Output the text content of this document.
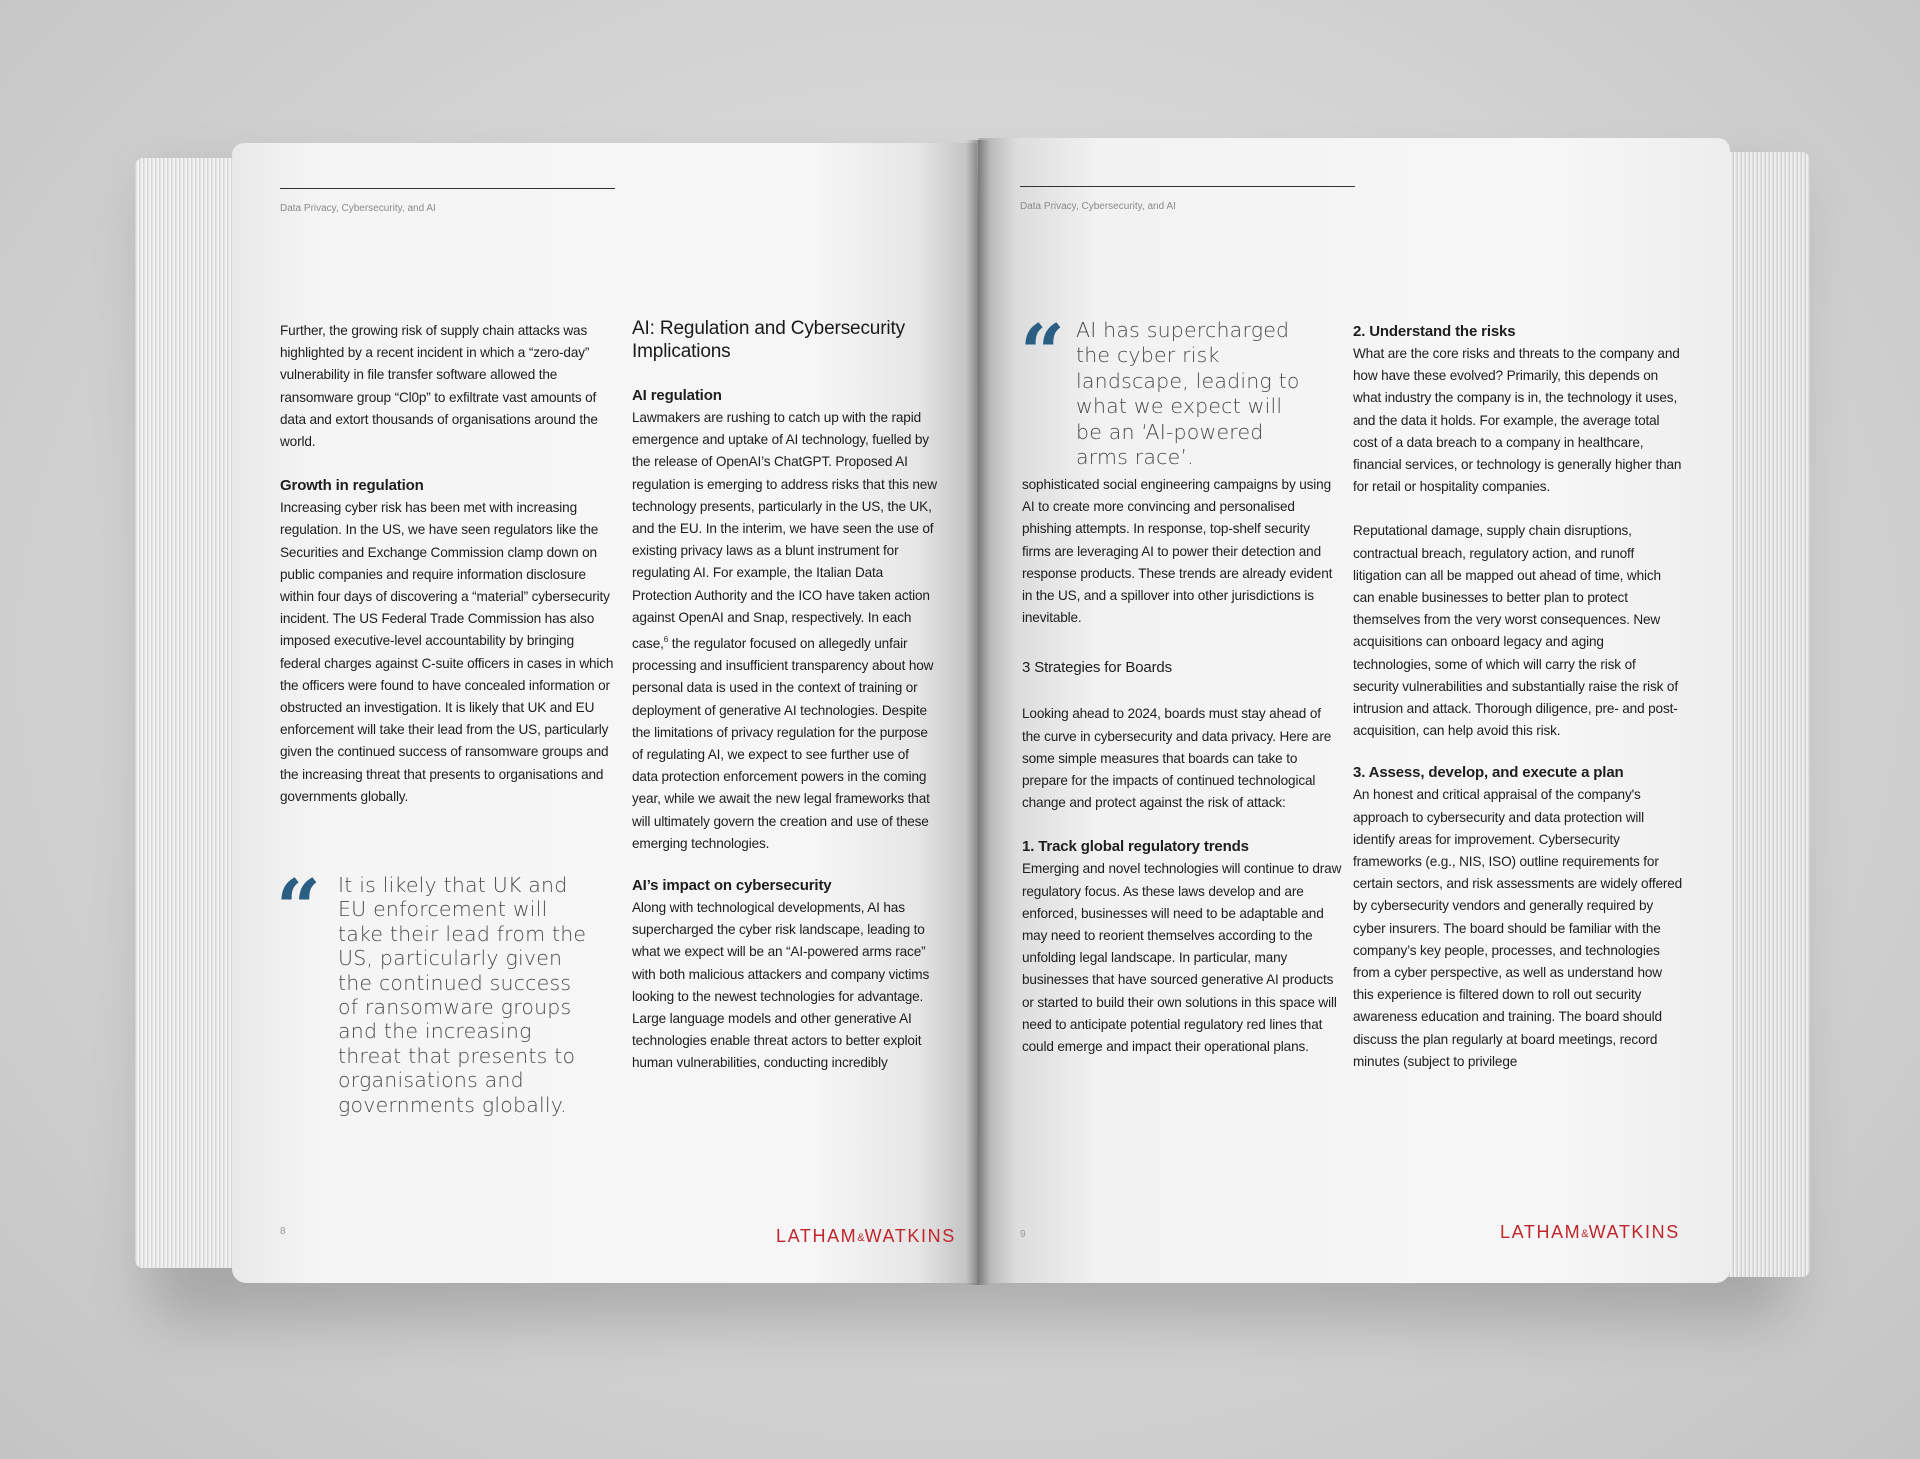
Data Privacy, Cybersecurity, and AI

Further, the growing risk of supply chain attacks was highlighted by a recent incident in which a “zero-day” vulnerability in file transfer software allowed the ransomware group “Cl0p” to exfiltrate vast amounts of data and extort thousands of organisations around the world.

Growth in regulation

Increasing cyber risk has been met with increasing regulation. In the US, we have seen regulators like the Securities and Exchange Commission clamp down on public companies and require information disclosure within four days of discovering a “material” cybersecurity incident. The US Federal Trade Commission has also imposed executive-level accountability by bringing federal charges against C-suite officers in cases in which the officers were found to have concealed information or obstructed an investigation. It is likely that UK and EU enforcement will take their lead from the US, particularly given the continued success of ransomware groups and the increasing threat that presents to organisations and governments globally.

“ It is likely that UK and EU enforcement will take their lead from the US, particularly given the continued success of ransomware groups and the increasing threat that presents to organisations and governments globally.
AI: Regulation and Cybersecurity Implications
AI regulation

Lawmakers are rushing to catch up with the rapid emergence and uptake of AI technology, fuelled by the release of OpenAI’s ChatGPT. Proposed AI regulation is emerging to address risks that this new technology presents, particularly in the US, the UK, and the EU. In the interim, we have seen the use of existing privacy laws as a blunt instrument for regulating AI. For example, the Italian Data Protection Authority and the ICO have taken action against OpenAI and Snap, respectively. In each case,$^6$ the regulator focused on allegedly unfair processing and insufficient transparency about how personal data is used in the context of training or deployment of generative AI technologies. Despite the limitations of privacy regulation for the purpose of regulating AI, we expect to see further use of data protection enforcement powers in the coming year, while we await the new legal frameworks that will ultimately govern the creation and use of these emerging technologies.

AI’s impact on cybersecurity

Along with technological developments, AI has supercharged the cyber risk landscape, leading to what we expect will be an “AI-powered arms race” with both malicious attackers and company victims looking to the newest technologies for advantage. Large language models and other generative AI technologies enable threat actors to better exploit human vulnerabilities, conducting incredibly

8	LATHAM&WATKINS
Data Privacy, Cybersecurity, and AI
“ AI has supercharged the cyber risk landscape, leading to what we expect will be an ‘AI-powered arms race’.

sophisticated social engineering campaigns by using AI to create more convincing and personalised phishing attempts. In response, top-shelf security firms are leveraging AI to power their detection and response products. These trends are already evident in the US, and a spillover into other jurisdictions is inevitable.

3 Strategies for Boards

Looking ahead to 2024, boards must stay ahead of the curve in cybersecurity and data privacy. Here are some simple measures that boards can take to prepare for the impacts of continued technological change and protect against the risk of attack:

1. Track global regulatory trends

Emerging and novel technologies will continue to draw regulatory focus. As these laws develop and are enforced, businesses will need to be adaptable and may need to reorient themselves according to the unfolding legal landscape. In particular, many businesses that have sourced generative AI products or started to build their own solutions in this space will need to anticipate potential regulatory red lines that could emerge and impact their operational plans.

2. Understand the risks

What are the core risks and threats to the company and how have these evolved? Primarily, this depends on what industry the company is in, the technology it uses, and the data it holds. For example, the average total cost of a data breach to a company in healthcare, financial services, or technology is generally higher than for retail or hospitality companies.

Reputational damage, supply chain disruptions, contractual breach, regulatory action, and runoff litigation can all be mapped out ahead of time, which can enable businesses to better plan to protect themselves from the very worst consequences. New acquisitions can onboard legacy and aging technologies, some of which will carry the risk of security vulnerabilities and substantially raise the risk of intrusion and attack. Thorough diligence, pre- and post-acquisition, can help avoid this risk.

3. Assess, develop, and execute a plan

An honest and critical appraisal of the company's approach to cybersecurity and data protection will identify areas for improvement. Cybersecurity frameworks (e.g., NIS, ISO) outline requirements for certain sectors, and risk assessments are widely offered by cybersecurity vendors and generally required by cyber insurers. The board should be familiar with the company’s key people, processes, and technologies from a cyber perspective, as well as understand how this experience is filtered down to roll out security awareness education and training. The board should discuss the plan regularly at board meetings, record minutes (subject to privilege

9	LATHAM&WATKINS
